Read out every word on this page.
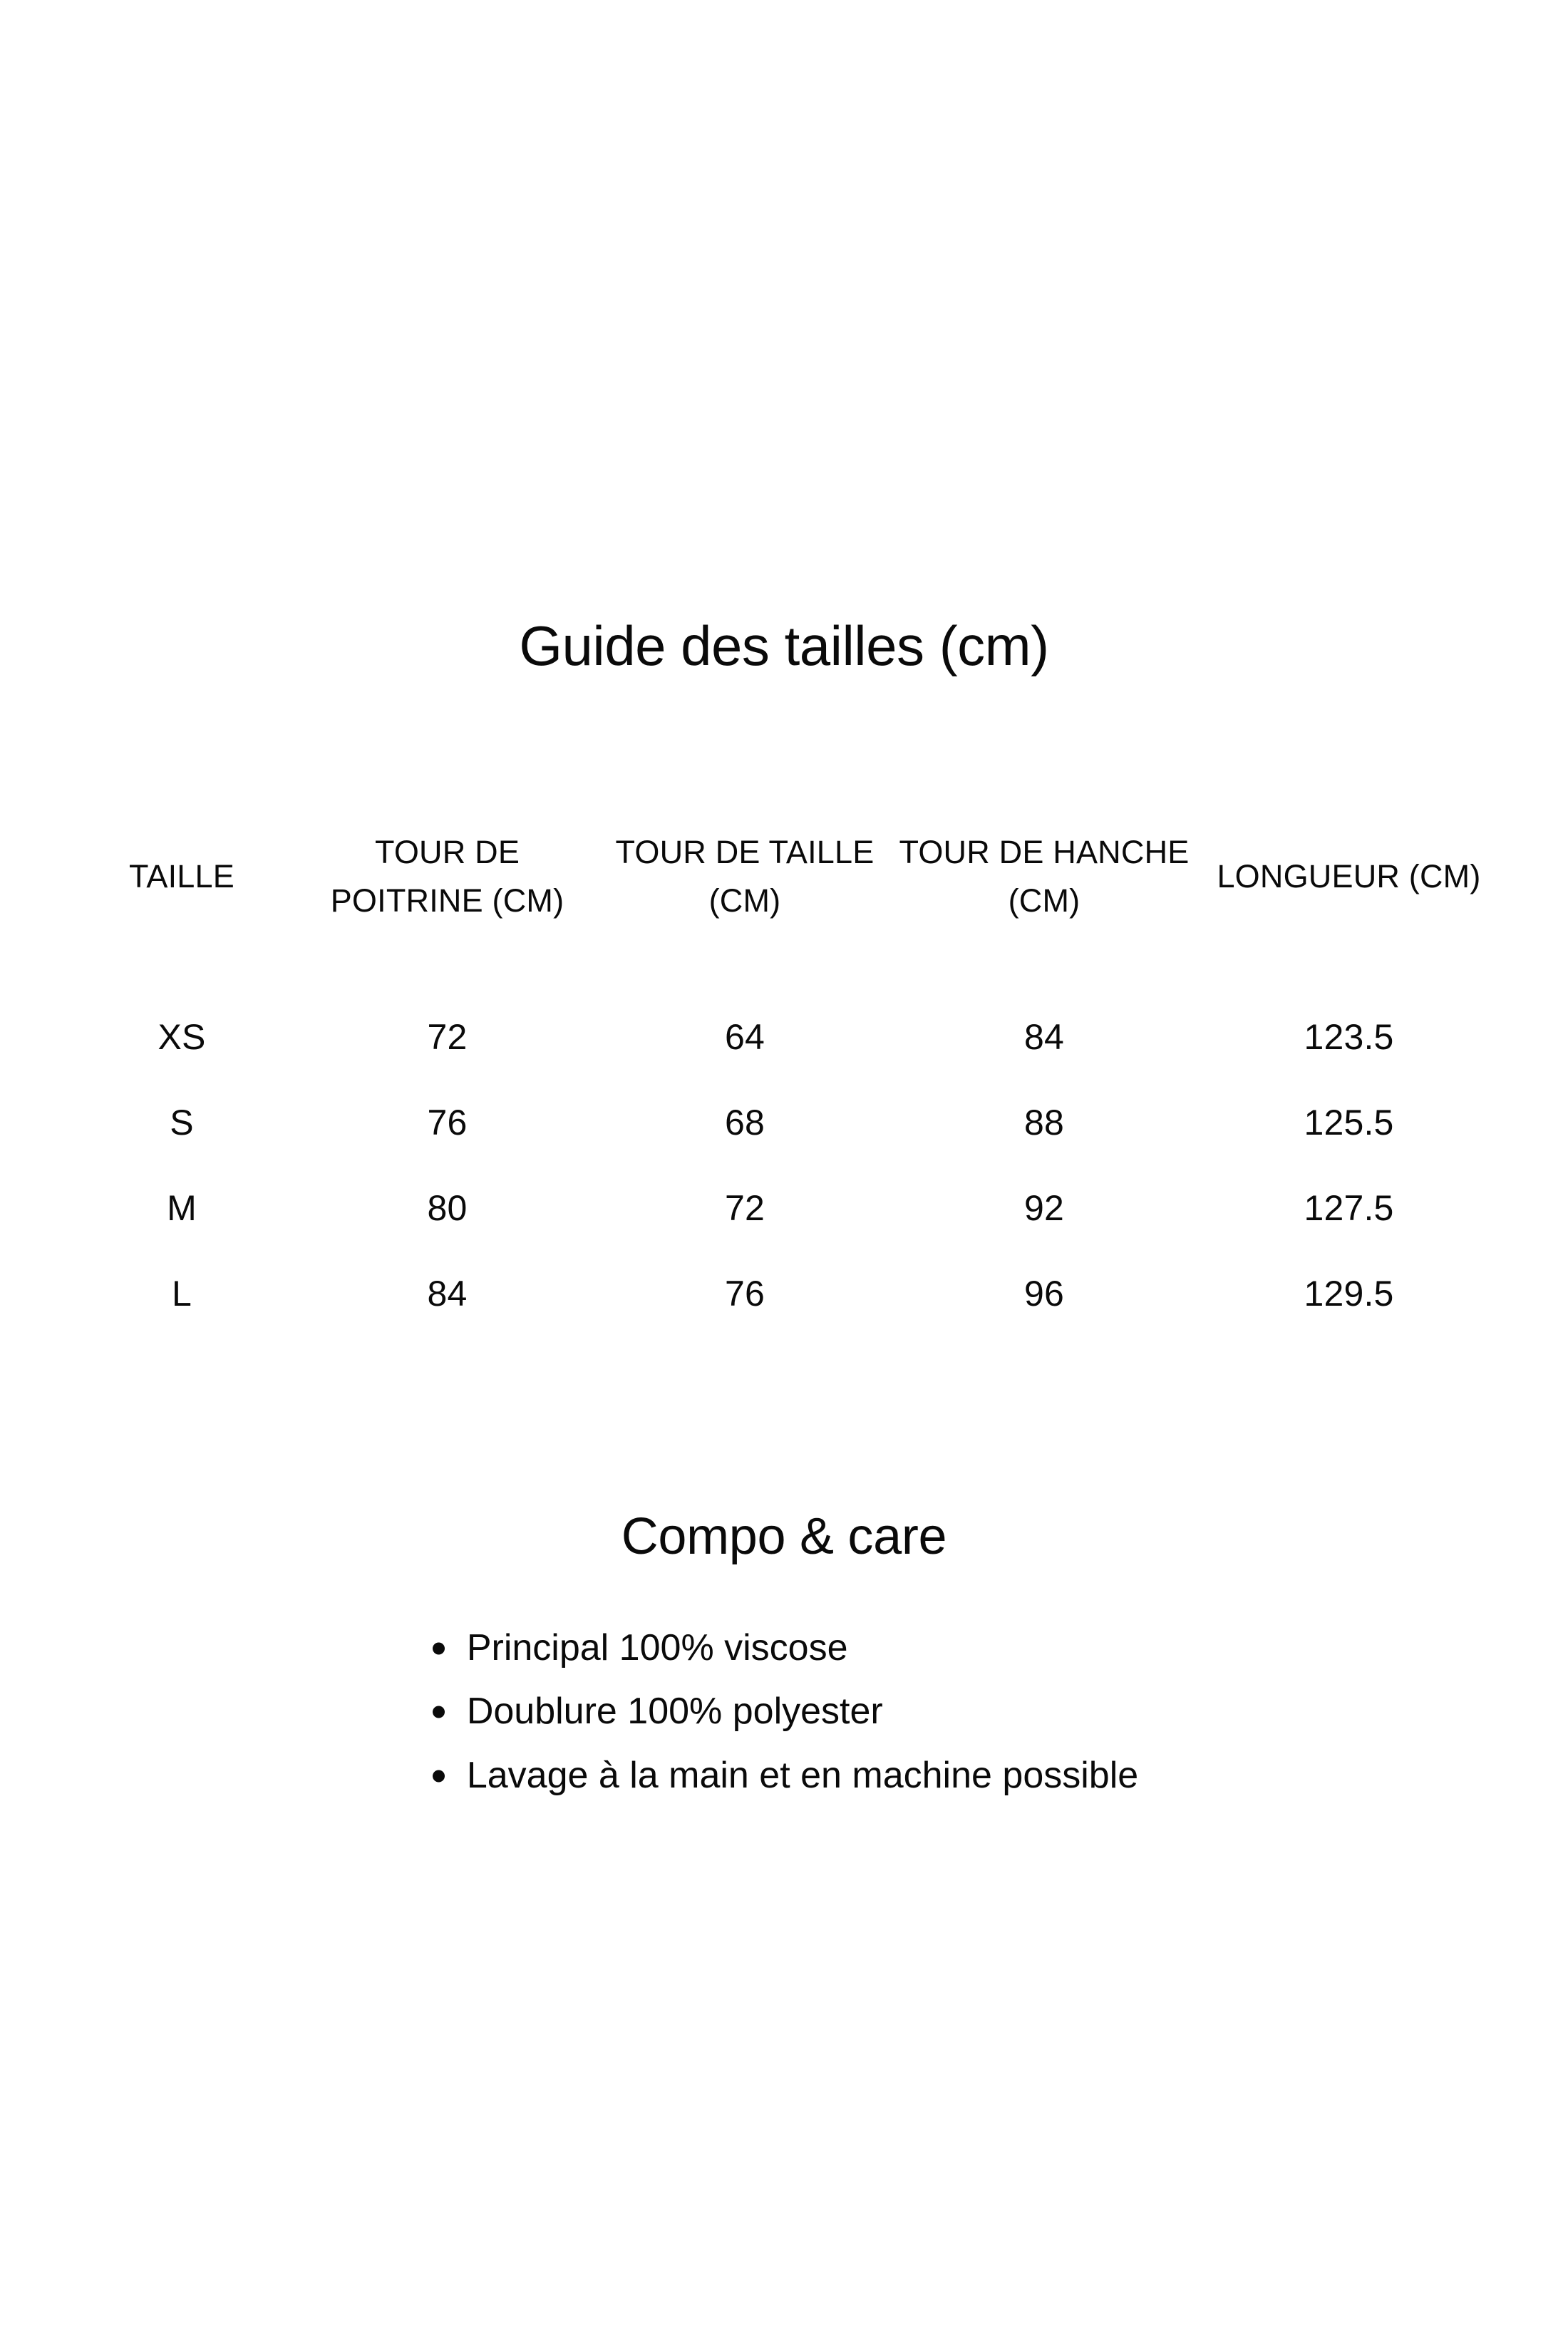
Guide des tailles (cm)
TAILLE	TOUR DE POITRINE (CM)	TOUR DE TAILLE (CM)	TOUR DE HANCHE (CM)	LONGUEUR (CM)
XS	72	64	84	123.5
S	76	68	88	125.5
M	80	72	92	127.5
L	84	76	96	129.5
Compo & care
Principal 100% viscose
Doublure 100% polyester
Lavage à la main et en machine possible
